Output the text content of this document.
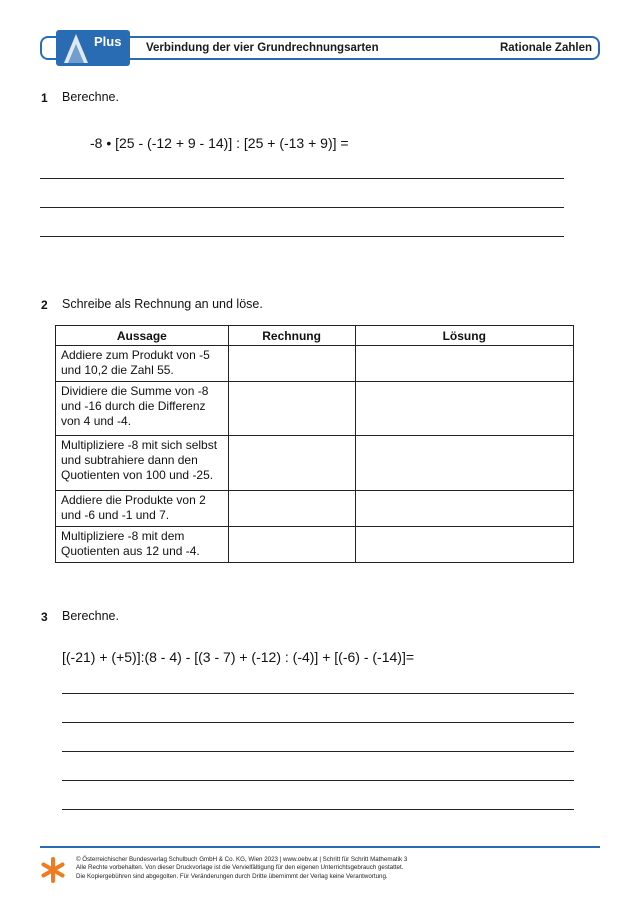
Plus Verbindung der vier Grundrechnungsarten	Rationale Zahlen
1 Berechne.
-8 • [25 - (-12 + 9 - 14)] : [25 + (-13 + 9)] =
2 Schreibe als Rechnung an und löse.
Aussage	Rechnung	Lösung
Addiere zum Produkt von -5 und 10,2 die Zahl 55.		
Dividiere die Summe von -8 und -16 durch die Differenz von 4 und -4.		
Multipliziere -8 mit sich selbst und subtrahiere dann den Quotienten von 100 und -25.		
Addiere die Produkte von 2 und -6 und -1 und 7.		
Multipliziere -8 mit dem Quotienten aus 12 und -4.		
3 Berechne.
[(-21) + (+5)]:(8 - 4) - [(3 - 7) + (-12) : (-4)] + [(-6) - (-14)]=
© Österreichischer Bundesverlag Schulbuch GmbH & Co. KG, Wien 2023 | www.oebv.at | Schritt für Schritt Mathematik 3
Alle Rechte vorbehalten. Von dieser Druckvorlage ist die Vervielfältigung für den eigenen Unterrichtsgebrauch gestattet.
Die Kopiergebühren sind abgegolten. Für Veränderungen durch Dritte übernimmt der Verlag keine Verantwortung.
